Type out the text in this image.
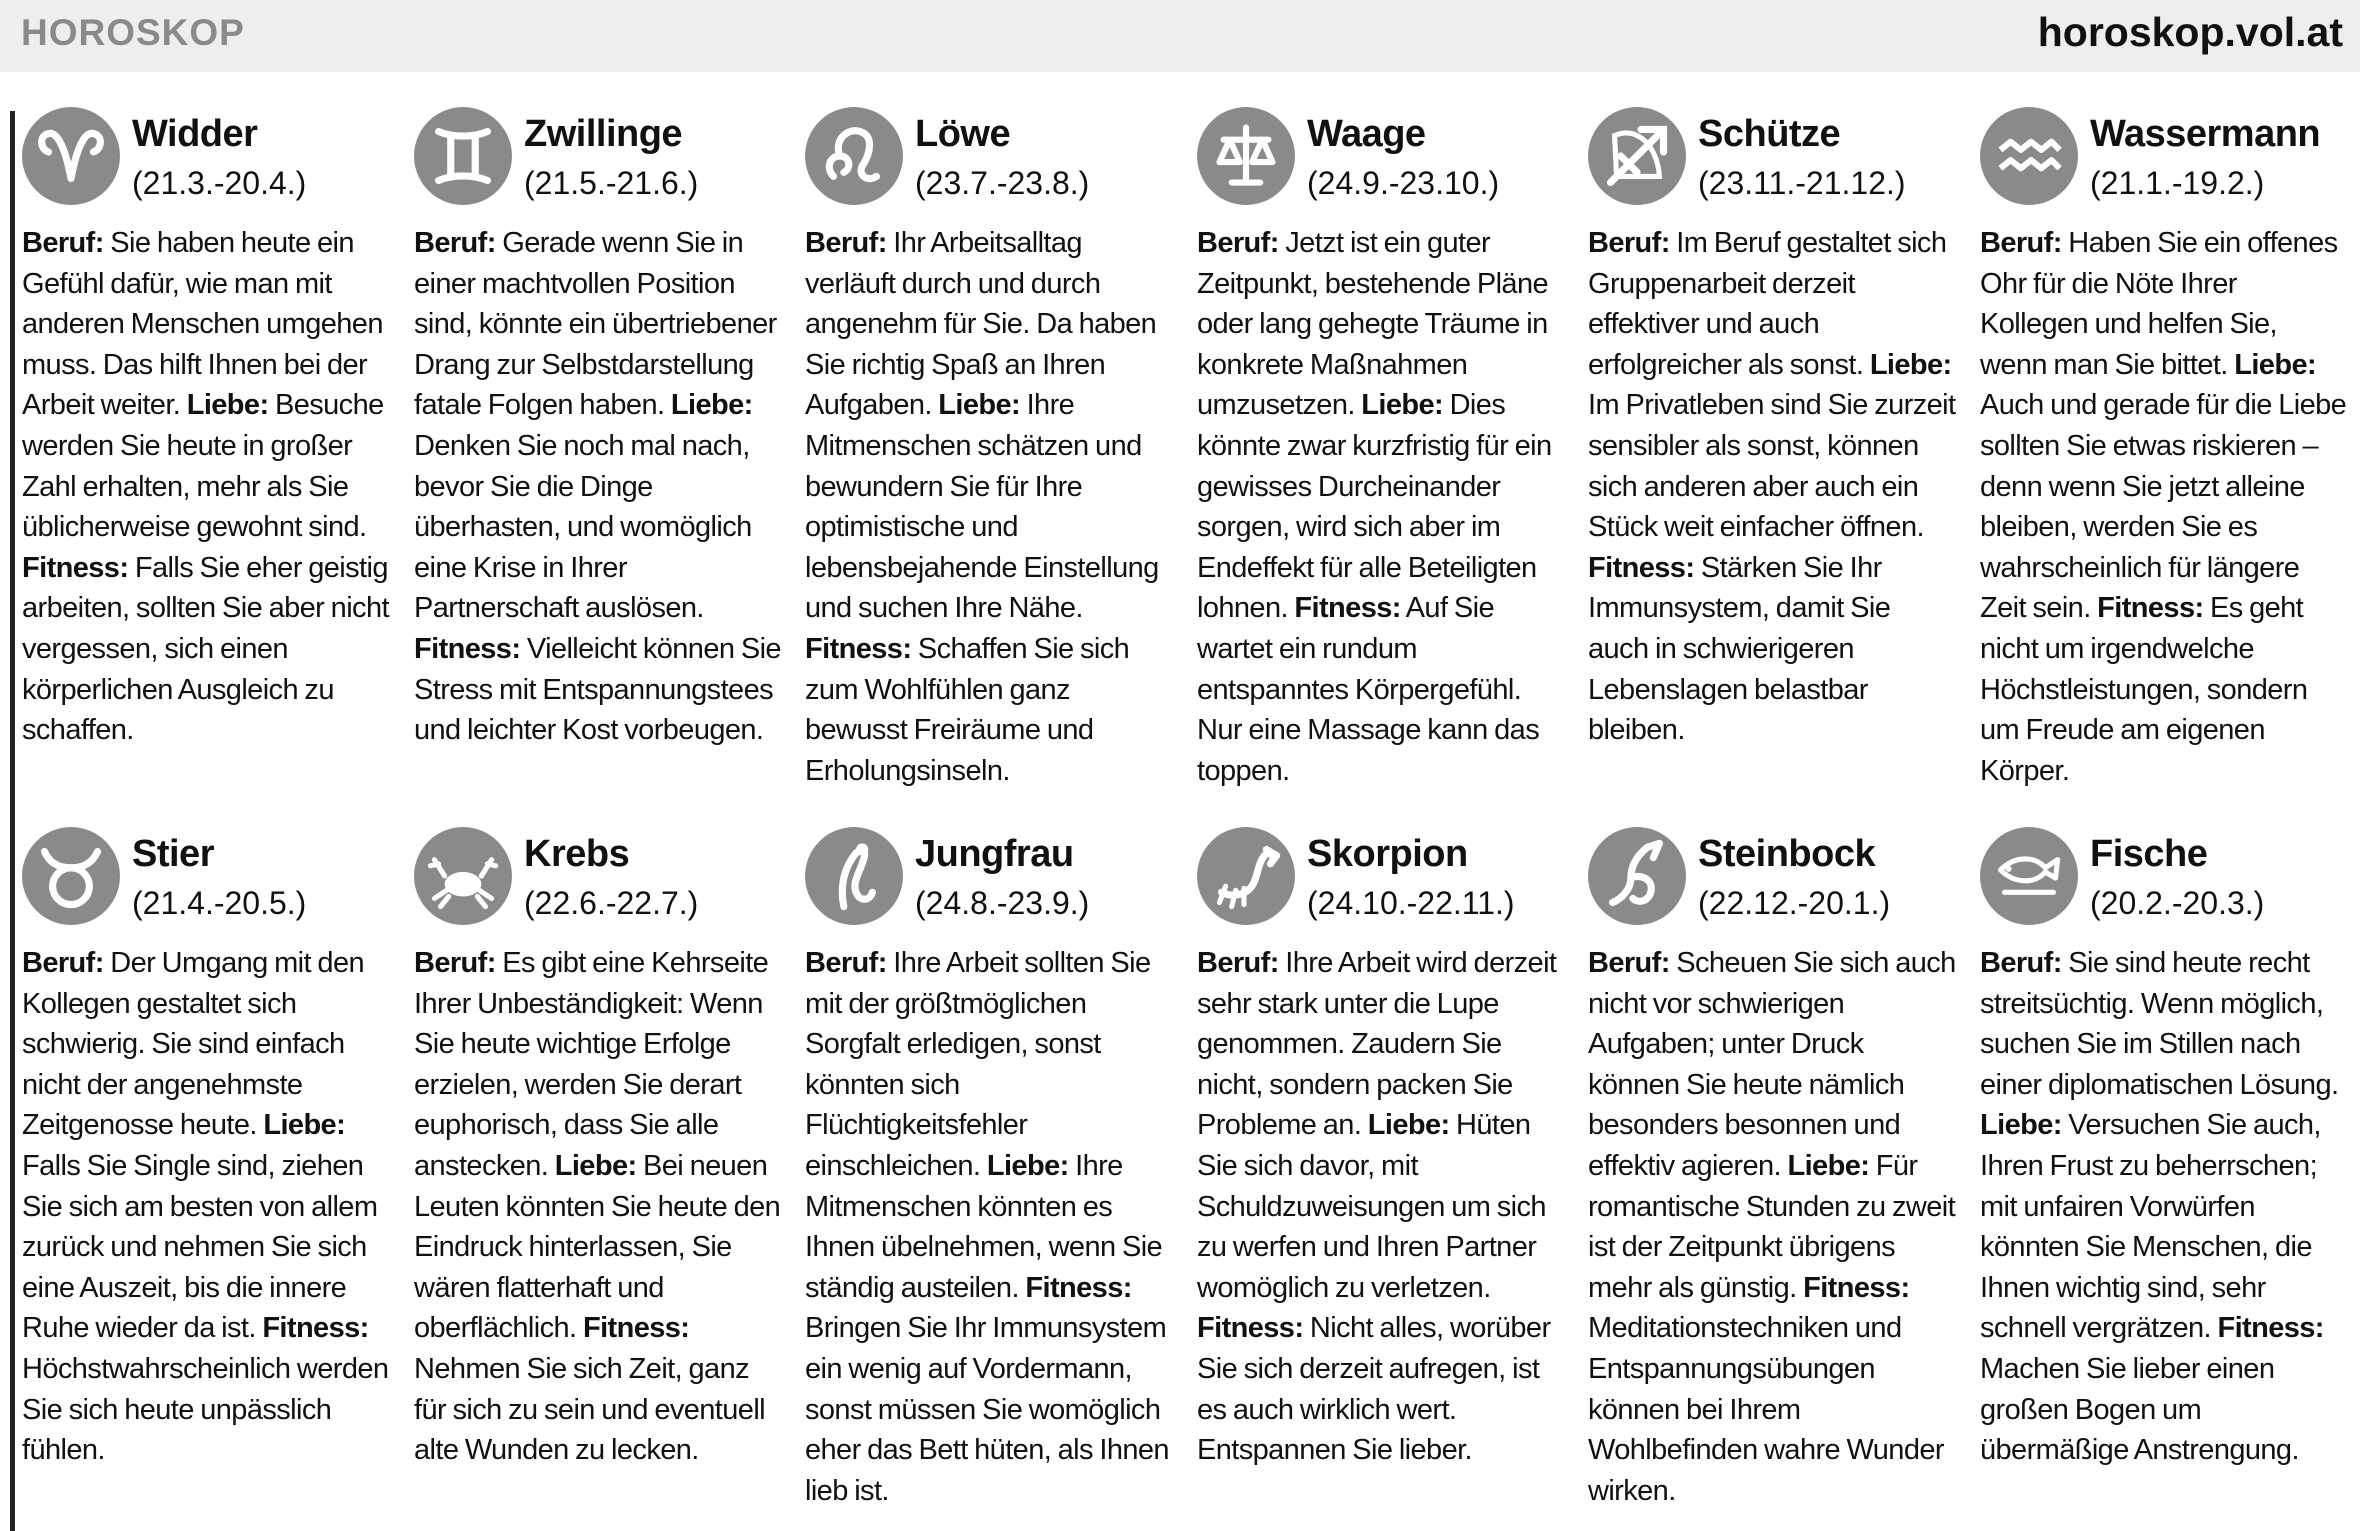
HOROSKOP	horoskop.vol.at
Widder
(21.3.-20.4.)
Beruf: Sie haben heute ein Gefühl dafür, wie man mit anderen Menschen umgehen muss. Das hilft Ihnen bei der Arbeit weiter. Liebe: Besuche werden Sie heute in großer Zahl erhalten, mehr als Sie üblicherweise gewohnt sind. Fitness: Falls Sie eher geistig arbeiten, sollten Sie aber nicht vergessen, sich einen körperlichen Ausgleich zu schaffen.
Zwillinge
(21.5.-21.6.)
Beruf: Gerade wenn Sie in einer machtvollen Position sind, könnte ein übertriebener Drang zur Selbstdarstellung fatale Folgen haben. Liebe: Denken Sie noch mal nach, bevor Sie die Dinge überhasten, und womöglich eine Krise in Ihrer Partnerschaft auslösen. Fitness: Vielleicht können Sie Stress mit Entspannungstees und leichter Kost vorbeugen.
Löwe
(23.7.-23.8.)
Beruf: Ihr Arbeitsalltag verläuft durch und durch angenehm für Sie. Da haben Sie richtig Spaß an Ihren Aufgaben. Liebe: Ihre Mitmenschen schätzen und bewundern Sie für Ihre optimistische und lebensbejahende Einstellung und suchen Ihre Nähe. Fitness: Schaffen Sie sich zum Wohlfühlen ganz bewusst Freiräume und Erholungsinseln.
Waage
(24.9.-23.10.)
Beruf: Jetzt ist ein guter Zeitpunkt, bestehende Pläne oder lang gehegte Träume in konkrete Maßnahmen umzusetzen. Liebe: Dies könnte zwar kurzfristig für ein gewisses Durcheinander sorgen, wird sich aber im Endeffekt für alle Beteiligten lohnen. Fitness: Auf Sie wartet ein rundum entspanntes Körpergefühl. Nur eine Massage kann das toppen.
Schütze
(23.11.-21.12.)
Beruf: Im Beruf gestaltet sich Gruppenarbeit derzeit effektiver und auch erfolgreicher als sonst. Liebe: Im Privatleben sind Sie zurzeit sensibler als sonst, können sich anderen aber auch ein Stück weit einfacher öffnen. Fitness: Stärken Sie Ihr Immunsystem, damit Sie auch in schwierigeren Lebenslagen belastbar bleiben.
Wassermann
(21.1.-19.2.)
Beruf: Haben Sie ein offenes Ohr für die Nöte Ihrer Kollegen und helfen Sie, wenn man Sie bittet. Liebe: Auch und gerade für die Liebe sollten Sie etwas riskieren – denn wenn Sie jetzt alleine bleiben, werden Sie es wahrscheinlich für längere Zeit sein. Fitness: Es geht nicht um irgendwelche Höchstleistungen, sondern um Freude am eigenen Körper.
Stier
(21.4.-20.5.)
Beruf: Der Umgang mit den Kollegen gestaltet sich schwierig. Sie sind einfach nicht der angenehmste Zeitgenosse heute. Liebe: Falls Sie Single sind, ziehen Sie sich am besten von allem zurück und nehmen Sie sich eine Auszeit, bis die innere Ruhe wieder da ist. Fitness: Höchstwahrscheinlich werden Sie sich heute unpässlich fühlen.
Krebs
(22.6.-22.7.)
Beruf: Es gibt eine Kehrseite Ihrer Unbeständigkeit: Wenn Sie heute wichtige Erfolge erzielen, werden Sie derart euphorisch, dass Sie alle anstecken. Liebe: Bei neuen Leuten könnten Sie heute den Eindruck hinterlassen, Sie wären flatterhaft und oberflächlich. Fitness: Nehmen Sie sich Zeit, ganz für sich zu sein und eventuell alte Wunden zu lecken.
Jungfrau
(24.8.-23.9.)
Beruf: Ihre Arbeit sollten Sie mit der größtmöglichen Sorgfalt erledigen, sonst könnten sich Flüchtigkeitsfehler einschleichen. Liebe: Ihre Mitmenschen könnten es Ihnen übelnehmen, wenn Sie ständig austeilen. Fitness: Bringen Sie Ihr Immunsystem ein wenig auf Vordermann, sonst müssen Sie womöglich eher das Bett hüten, als Ihnen lieb ist.
Skorpion
(24.10.-22.11.)
Beruf: Ihre Arbeit wird derzeit sehr stark unter die Lupe genommen. Zaudern Sie nicht, sondern packen Sie Probleme an. Liebe: Hüten Sie sich davor, mit Schuldzuweisungen um sich zu werfen und Ihren Partner womöglich zu verletzen. Fitness: Nicht alles, worüber Sie sich derzeit aufregen, ist es auch wirklich wert. Entspannen Sie lieber.
Steinbock
(22.12.-20.1.)
Beruf: Scheuen Sie sich auch nicht vor schwierigen Aufgaben; unter Druck können Sie heute nämlich besonders besonnen und effektiv agieren. Liebe: Für romantische Stunden zu zweit ist der Zeitpunkt übrigens mehr als günstig. Fitness: Meditationstechniken und Entspannungsübungen können bei Ihrem Wohlbefinden wahre Wunder wirken.
Fische
(20.2.-20.3.)
Beruf: Sie sind heute recht streitsüchtig. Wenn möglich, suchen Sie im Stillen nach einer diplomatischen Lösung. Liebe: Versuchen Sie auch, Ihren Frust zu beherrschen; mit unfairen Vorwürfen könnten Sie Menschen, die Ihnen wichtig sind, sehr schnell vergrätzen. Fitness: Machen Sie lieber einen großen Bogen um übermäßige Anstrengung.
